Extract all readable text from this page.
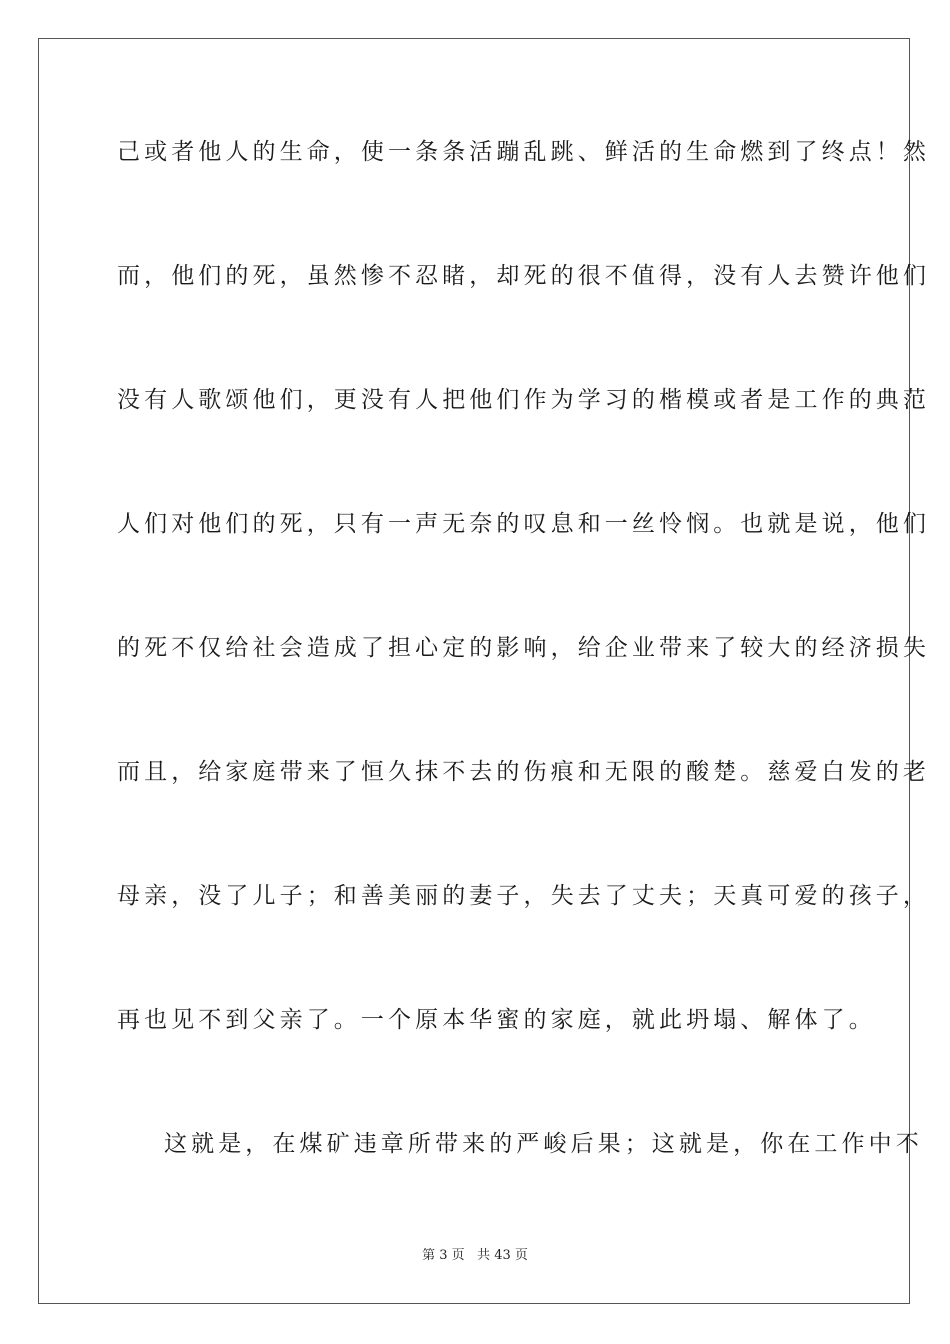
己或者他人的生命，使一条条活蹦乱跳、鲜活的生命燃到了终点！然
而，他们的死，虽然惨不忍睹，却死的很不值得，没有人去赞许他们
没有人歌颂他们，更没有人把他们作为学习的楷模或者是工作的典范
人们对他们的死，只有一声无奈的叹息和一丝怜悯。也就是说，他们
的死不仅给社会造成了担心定的影响，给企业带来了较大的经济损失
而且，给家庭带来了恒久抹不去的伤痕和无限的酸楚。慈爱白发的老
母亲，没了儿子；和善美丽的妻子，失去了丈夫；天真可爱的孩子，
再也见不到父亲了。一个原本华蜜的家庭，就此坍塌、解体了。
这就是，在煤矿违章所带来的严峻后果；这就是，你在工作中不
第 3 页   共 43 页
